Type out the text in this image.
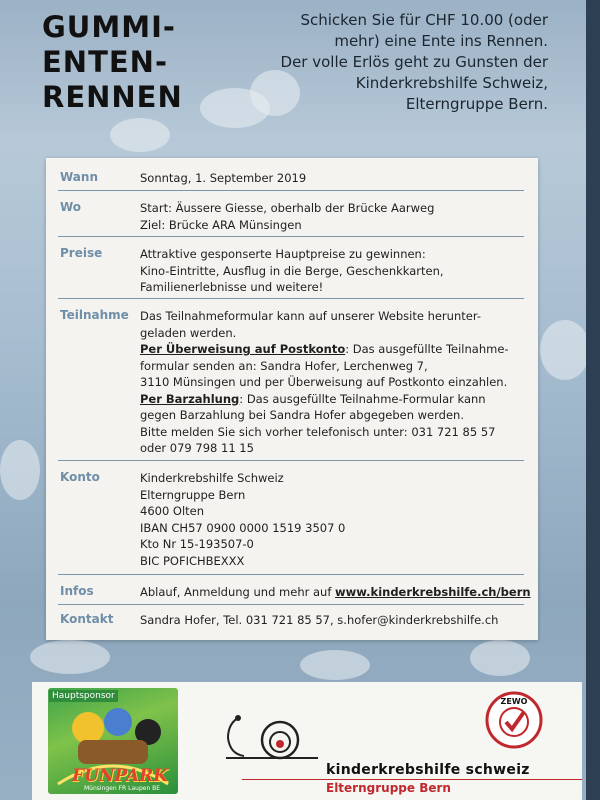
GUMMI-
ENTEN-
RENNEN
Schicken Sie für CHF 10.00 (oder
mehr) eine Ente ins Rennen.
Der volle Erlös geht zu Gunsten der
Kinderkrebshilfe Schweiz,
Elterngruppe Bern.
Wann	Sonntag, 1. September 2019
Wo	Start: Äussere Giesse, oberhalb der Brücke Aarweg
Ziel: Brücke ARA Münsingen
Preise	Attraktive gesponserte Hauptpreise zu gewinnen:
Kino-Eintritte, Ausflug in die Berge, Geschenkkarten,
Familienerlebnisse und weitere!
Teilnahme Das Teilnahmeformular kann auf unserer Website herunter-
geladen werden.
Per Überweisung auf Postkonto: Das ausgefüllte Teilnahme-
formular senden an: Sandra Hofer, Lerchenweg 7,
3110 Münsingen und per Überweisung auf Postkonto einzahlen.
Per Barzahlung: Das ausgefüllte Teilnahme-Formular kann
gegen Barzahlung bei Sandra Hofer abgegeben werden.
Bitte melden Sie sich vorher telefonisch unter: 031 721 85 57
oder 079 798 11 15
Konto	Kinderkrebshilfe Schweiz
Elterngruppe Bern
4600 Olten
IBAN CH57 0900 0000 1519 3507 0
Kto Nr 15-193507-0
BIC POFICHBEXXX
Infos	Ablauf, Anmeldung und mehr auf www.kinderkrebshilfe.ch/bern
Kontakt Sandra Hofer, Tel. 031 721 85 57, s.hofer@kinderkrebshilfe.ch
Hauptsponsor
FUNPARK
Münsingen FR Laupen BE
kinderkrebshilfe schweiz
Elterngruppe Bern
ZEWO
